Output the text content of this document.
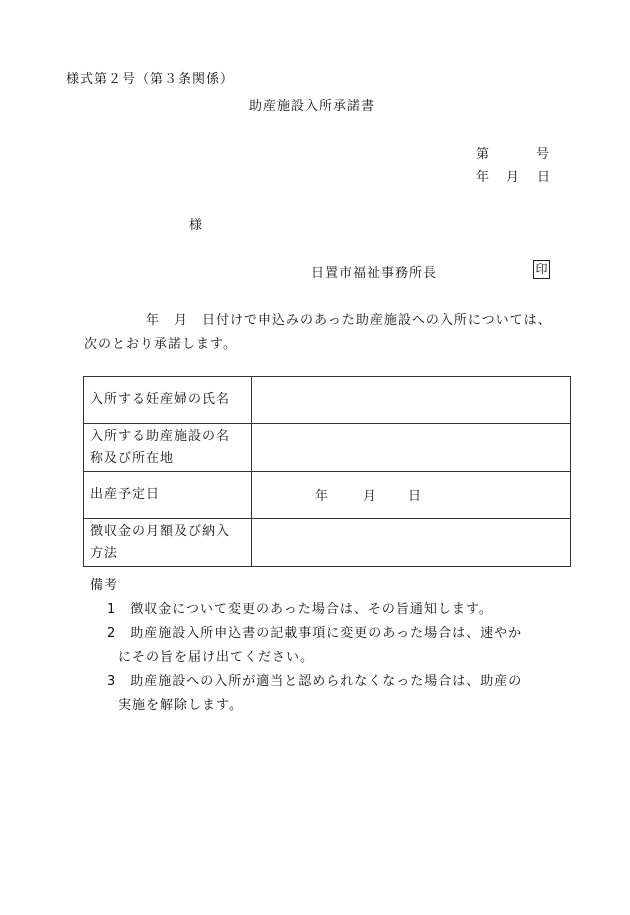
様式第２号（第３条関係）
助産施設入所承諾書
第	号
年 月 日
様
日置市福祉事務所長	印
年　月　日付けで申込みのあった助産施設への入所については、
次のとおり承諾します。
入所する妊産婦の氏名	

入所する助産施設の名
称及び所在地	

出産予定日	年 月 日

徴収金の月額及び納入
方法	

備考
1　徴収金について変更のあった場合は、その旨通知します。
2　助産施設入所申込書の記載事項に変更のあった場合は、速やか
にその旨を届け出てください。
3　助産施設への入所が適当と認められなくなった場合は、助産の
実施を解除します。
